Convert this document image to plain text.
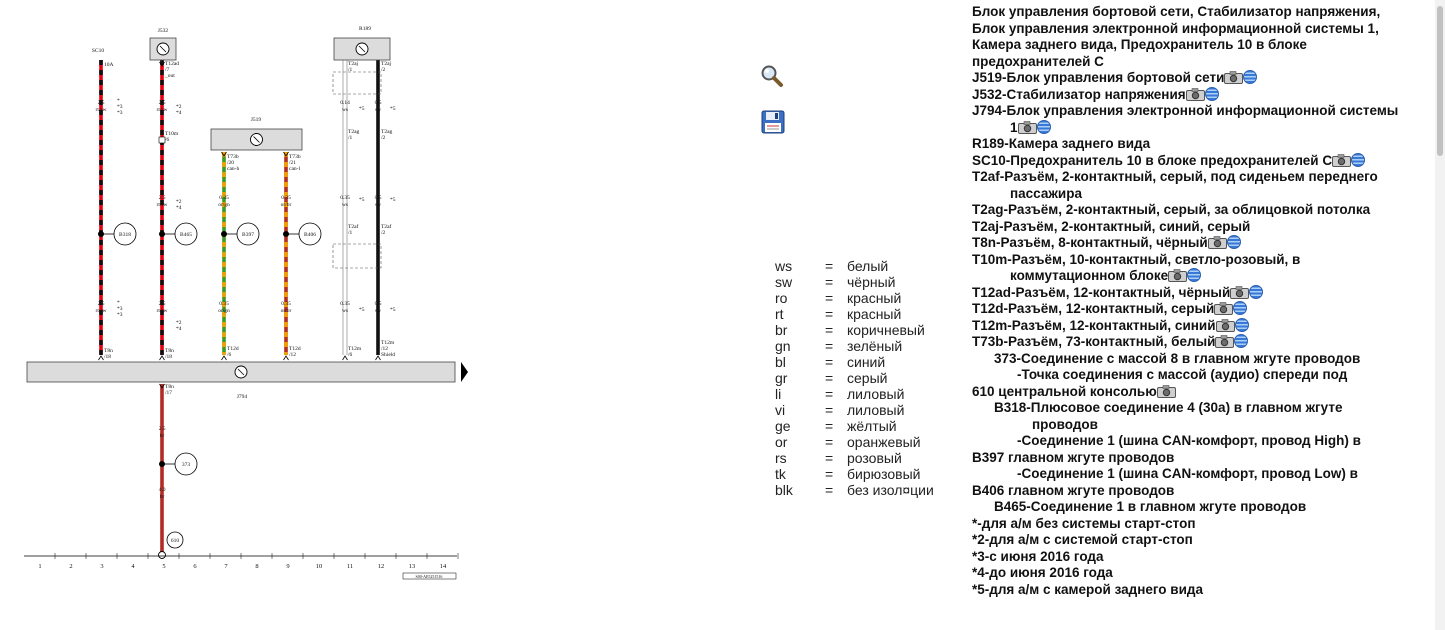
J532	R189
J519
SC10
10A
J794
2.5
rt/sw
2.5
rt/sw
*
*3
*3
*
*3
*3
T8n
/18
B318
T12ad
/7
_out
2.5
rt/sw *2
*4
T10m
/6
2.5
rt/sw *2
*4
2.5
rt/sw
*2
*4
T8n
/18
B465
T73b
/20
can-h
0.35
or/gn
0.35
or/gn
T12d
/6
B397
T73b
/21
can-l
0.35
or/br
0.35
or/br
T12d
/12
B406
T2aj
/1
T2aj
/2
0.14
ws
0.5
sw
*5	*5
T2ag
/1
T2ag
/2
0.35
ws
0.5
sw
*5	*5
T2af
/1
T2af
/2
0.35
ws
0.5
sw
*5	*5
T12m
/6
T12m
/12
Shield
T8n
/17
2.5
br
4.0
br
373
610
1	2	3	4	5	6	7	8	9	10	11	12	13	14
S00-AE5251516
ws	= белый
sw	= чёрный
ro	= красный
rt	= красный
br	= коричневый
gn	= зелёный
bl	= синий
gr	= серый
li	= лиловый
vi	= лиловый
ge	= жёлтый
or	= оранжевый
rs	= розовый
tk	= бирюзовый
blk	= без изол¤ции
Блок управления бортовой сети, Стабилизатор напряжения,
Блок управления электронной информационной системы 1,
Камера заднего вида, Предохранитель 10 в блоке
предохранителей C
J519-Блок управления бортовой сети
J532-Стабилизатор напряжения
J794-Блок управления электронной информационной системы
1
R189-Камера заднего вида
SC10-Предохранитель 10 в блоке предохранителей C
T2af-Разъём, 2-контактный, серый, под сиденьем переднего
пассажира
T2ag-Разъём, 2-контактный, серый, за облицовкой потолка
T2aj-Разъём, 2-контактный, синий, серый
T8n-Разъём, 8-контактный, чёрный
T10m-Разъём, 10-контактный, светло-розовый, в
коммутационном блоке
T12ad-Разъём, 12-контактный, чёрный
T12d-Разъём, 12-контактный, серый
T12m-Разъём, 12-контактный, синий
T73b-Разъём, 73-контактный, белый
373-Соединение с массой 8 в главном жгуте проводов
-Точка соединения с массой (аудио) спереди под
610 центральной консолью
B318-Плюсовое соединение 4 (30a) в главном жгуте
проводов
-Соединение 1 (шина CAN-комфорт, провод High) в
B397 главном жгуте проводов
-Соединение 1 (шина CAN-комфорт, провод Low) в
B406 главном жгуте проводов
B465-Соединение 1 в главном жгуте проводов
*-для а/м без системы старт-стоп
*2-для а/м с системой старт-стоп
*3-с июня 2016 года
*4-до июня 2016 года
*5-для а/м с камерой заднего вида
